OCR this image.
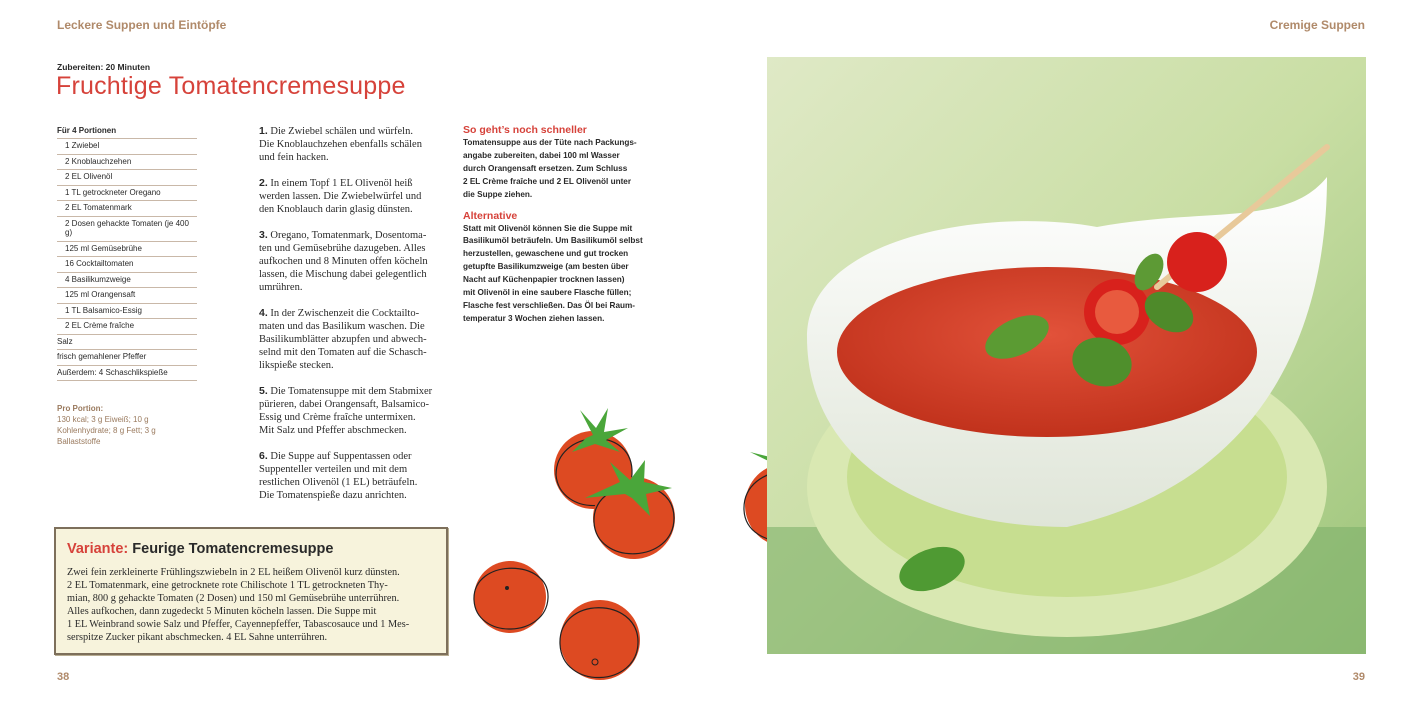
Leckere Suppen und Eintöpfe	Cremige Suppen
Zubereiten: 20 Minuten
Fruchtige Tomatencremesuppe
Für 4 Portionen
1 Zwiebel
2 Knoblauchzehen
2 EL Olivenöl
1 TL getrockneter Oregano
2 EL Tomatenmark
2 Dosen gehackte Tomaten (je 400 g)
125 ml Gemüsebrühe
16 Cocktailtomaten
4 Basilikumzweige
125 ml Orangensaft
1 TL Balsamico-Essig
2 EL Crème fraîche
Salz
frisch gemahlener Pfeffer
Außerdem: 4 Schaschlikspieße
Pro Portion:
130 kcal; 3 g Eiweiß; 10 g Kohlenhydrate; 8 g Fett; 3 g Ballaststoffe
1. Die Zwiebel schälen und würfeln.
Die Knoblauchzehen ebenfalls schälen
und fein hacken.
2. In einem Topf 1 EL Olivenöl heiß
werden lassen. Die Zwiebelwürfel und
den Knoblauch darin glasig dünsten.
3. Oregano, Tomatenmark, Dosentoma-
ten und Gemüsebrühe dazugeben. Alles
aufkochen und 8 Minuten offen köcheln
lassen, die Mischung dabei gelegentlich
umrühren.
4. In der Zwischenzeit die Cocktailto-
maten und das Basilikum waschen. Die
Basilikumblätter abzupfen und abwech-
selnd mit den Tomaten auf die Schasch-
likspieße stecken.
5. Die Tomatensuppe mit dem Stabmixer
pürieren, dabei Orangensaft, Balsamico-
Essig und Crème fraîche untermixen.
Mit Salz und Pfeffer abschmecken.
6. Die Suppe auf Suppentassen oder
Suppenteller verteilen und mit dem
restlichen Olivenöl (1 EL) beträufeln.
Die Tomatenspieße dazu anrichten.
So geht’s noch schneller
Tomatensuppe aus der Tüte nach Packungs-
angabe zubereiten, dabei 100 ml Wasser
durch Orangensaft ersetzen. Zum Schluss
2 EL Crème fraîche und 2 EL Olivenöl unter
die Suppe ziehen.
Alternative
Statt mit Olivenöl können Sie die Suppe mit
Basilikumöl beträufeln. Um Basilikumöl selbst
herzustellen, gewaschene und gut trocken
getupfte Basilikumzweige (am besten über
Nacht auf Küchenpapier trocknen lassen)
mit Olivenöl in eine saubere Flasche füllen;
Flasche fest verschließen. Das Öl bei Raum-
temperatur 3 Wochen ziehen lassen.
Variante: Feurige Tomatencremesuppe
Zwei fein zerkleinerte Frühlingszwiebeln in 2 EL heißem Olivenöl kurz dünsten.
2 EL Tomatenmark, eine getrocknete rote Chilischote 1 TL getrockneten Thy-
mian, 800 g gehackte Tomaten (2 Dosen) und 150 ml Gemüsebrühe unterrühren.
Alles aufkochen, dann zugedeckt 5 Minuten köcheln lassen. Die Suppe mit
1 EL Weinbrand sowie Salz und Pfeffer, Cayennepfeffer, Tabascosauce und 1 Mes-
serspitze Zucker pikant abschmecken. 4 EL Sahne unterrühren.
38	39
